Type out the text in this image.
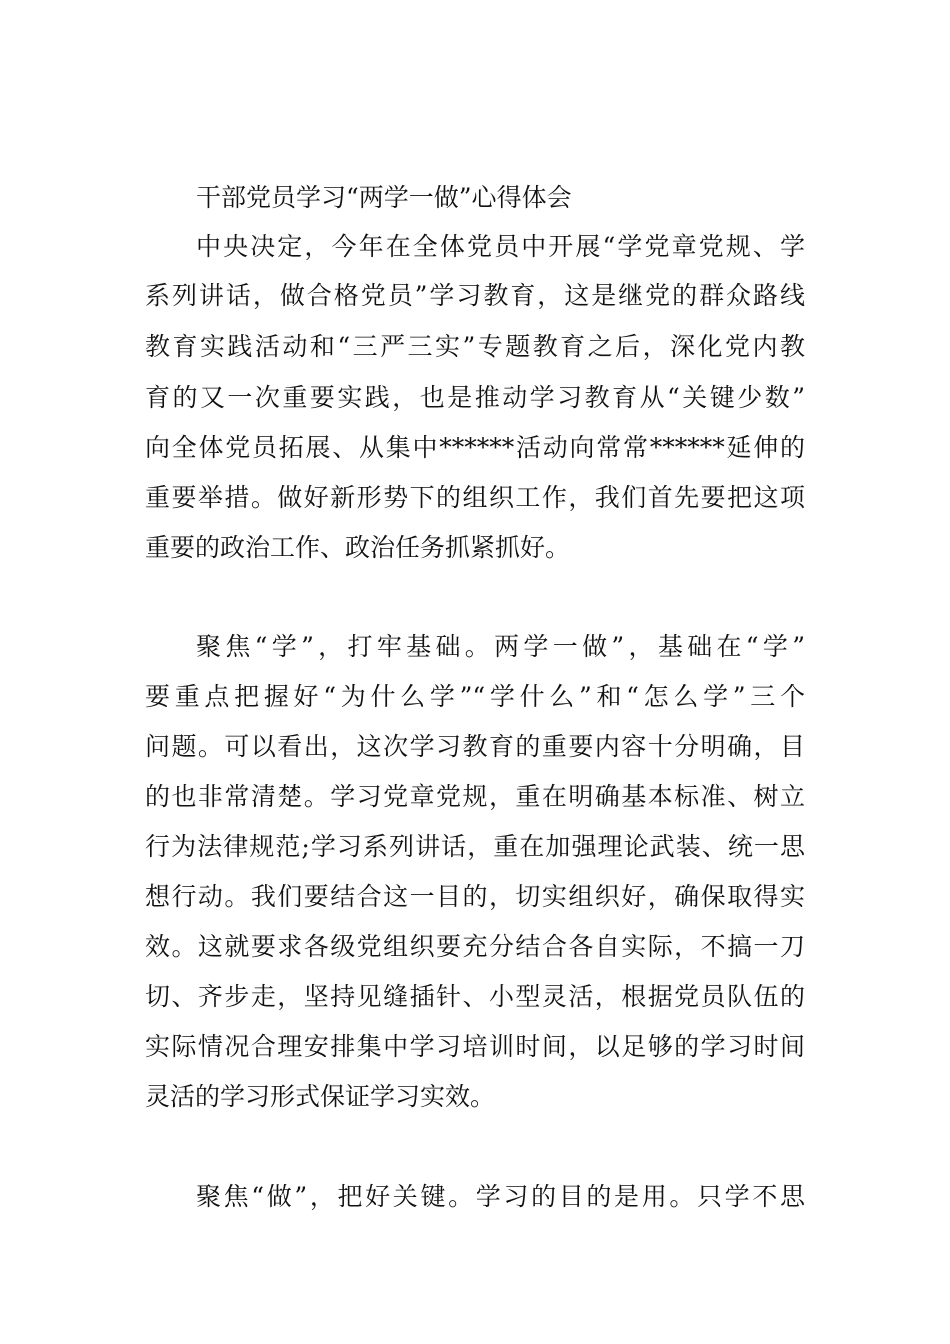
干部党员学习“两学一做”心得体会
中央决定，今年在全体党员中开展“学党章党规、学
系列讲话，做合格党员”学习教育，这是继党的群众路线
教育实践活动和“三严三实”专题教育之后，深化党内教
育的又一次重要实践，也是推动学习教育从“关键少数”
向全体党员拓展、从集中******活动向常常******延伸的
重要举措。做好新形势下的组织工作，我们首先要把这项
重要的政治工作、政治任务抓紧抓好。
聚焦“学”，打牢基础。两学一做”，基础在“学”
要重点把握好“为什么学”“学什么”和“怎么学”三个
问题。可以看出，这次学习教育的重要内容十分明确，目
的也非常清楚。学习党章党规，重在明确基本标准、树立
行为法律规范;学习系列讲话，重在加强理论武装、统一思
想行动。我们要结合这一目的，切实组织好，确保取得实
效。这就要求各级党组织要充分结合各自实际，不搞一刀
切、齐步走，坚持见缝插针、小型灵活，根据党员队伍的
实际情况合理安排集中学习培训时间，以足够的学习时间
灵活的学习形式保证学习实效。
聚焦“做”，把好关键。学习的目的是用。只学不思
